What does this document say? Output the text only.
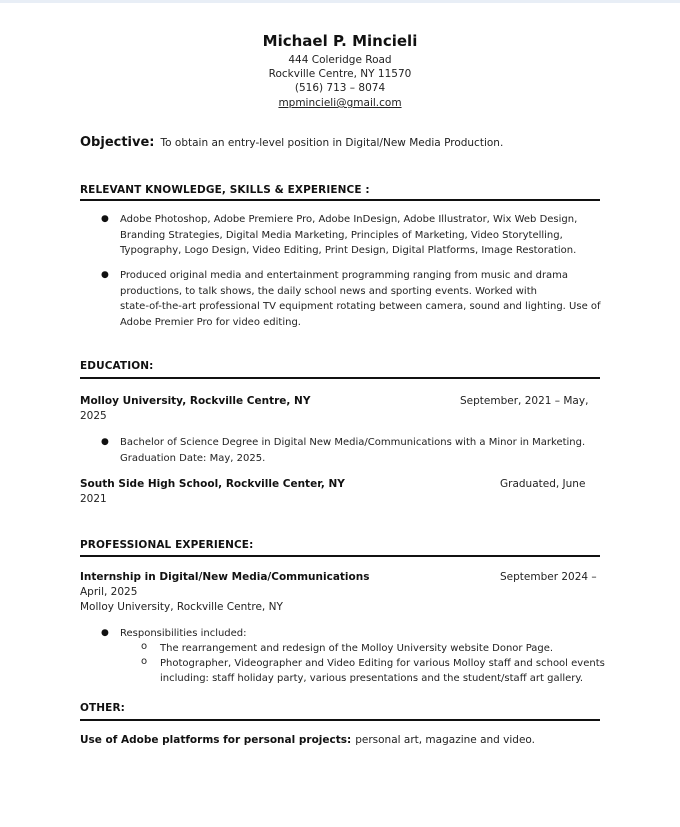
Michael P. Mincieli
444 Coleridge Road
Rockville Centre, NY 11570
(516) 713 – 8074
mpmincieli@gmail.com
Objective: To obtain an entry-level position in Digital/New Media Production.
RELEVANT KNOWLEDGE, SKILLS & EXPERIENCE :
● Adobe Photoshop, Adobe Premiere Pro, Adobe InDesign, Adobe Illustrator, Wix Web Design,
Branding Strategies, Digital Media Marketing, Principles of Marketing, Video Storytelling,
Typography, Logo Design, Video Editing, Print Design, Digital Platforms, Image Restoration.
● Produced original media and entertainment programming ranging from music and drama
productions, to talk shows, the daily school news and sporting events. Worked with
state-of-the-art professional TV equipment rotating between camera, sound and lighting. Use of
Adobe Premier Pro for video editing.
EDUCATION:
Molloy University, Rockville Centre, NY	September, 2021 – May,
2025
● Bachelor of Science Degree in Digital New Media/Communications with a Minor in Marketing.
Graduation Date: May, 2025.
South Side High School, Rockville Center, NY	Graduated, June
2021
PROFESSIONAL EXPERIENCE:
Internship in Digital/New Media/Communications	September 2024 –
April, 2025
Molloy University, Rockville Centre, NY
● Responsibilities included:
o The rearrangement and redesign of the Molloy University website Donor Page.
o Photographer, Videographer and Video Editing for various Molloy staff and school events
including: staff holiday party, various presentations and the student/staff art gallery.
OTHER:
Use of Adobe platforms for personal projects: personal art, magazine and video.
